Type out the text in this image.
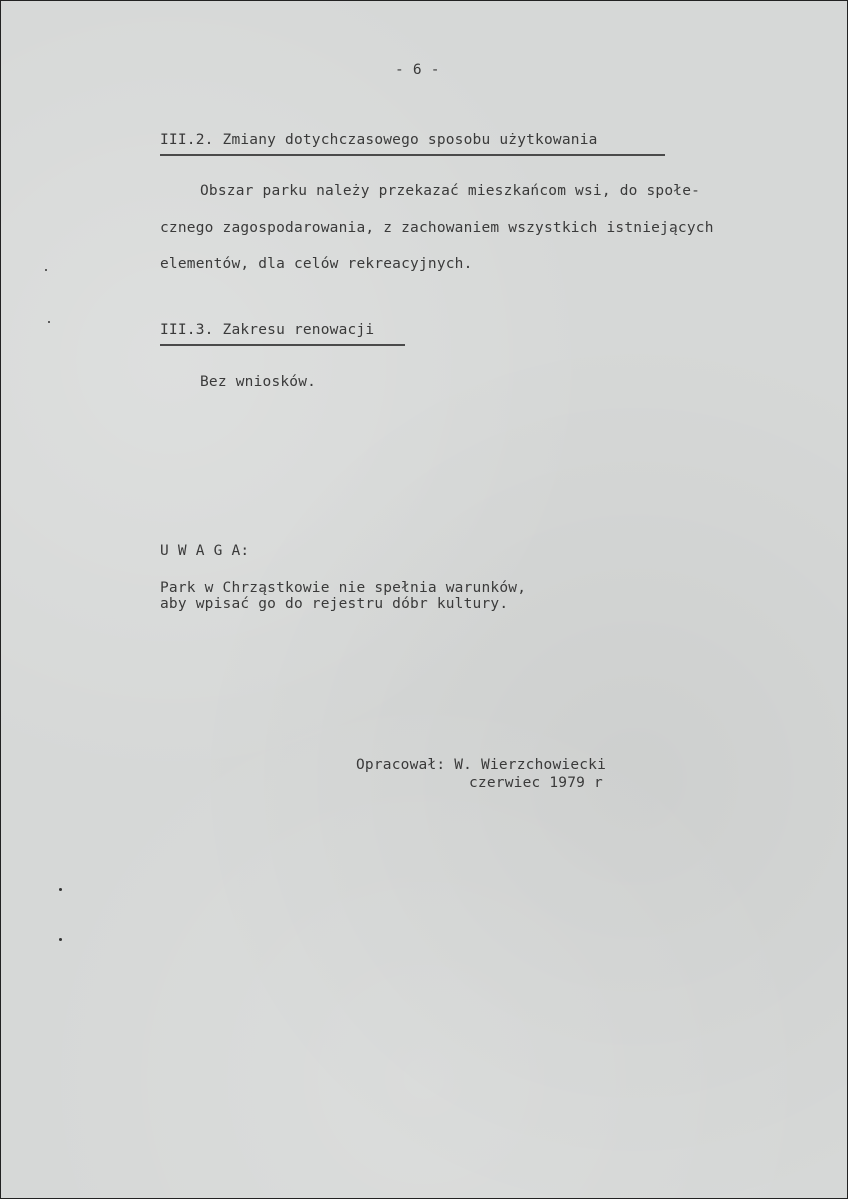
- 6 -
III.2. Zmiany dotychczasowego sposobu użytkowania
Obszar parku należy przekazać mieszkańcom wsi, do społe-
cznego zagospodarowania, z zachowaniem wszystkich istniejących
elementów, dla celów rekreacyjnych.
III.3. Zakresu renowacji
Bez wniosków.
U W A G A:
Park w Chrząstkowie nie spełnia warunków,
aby wpisać go do rejestru dóbr kultury.
Opracował: W. Wierzchowiecki
czerwiec 1979 r
